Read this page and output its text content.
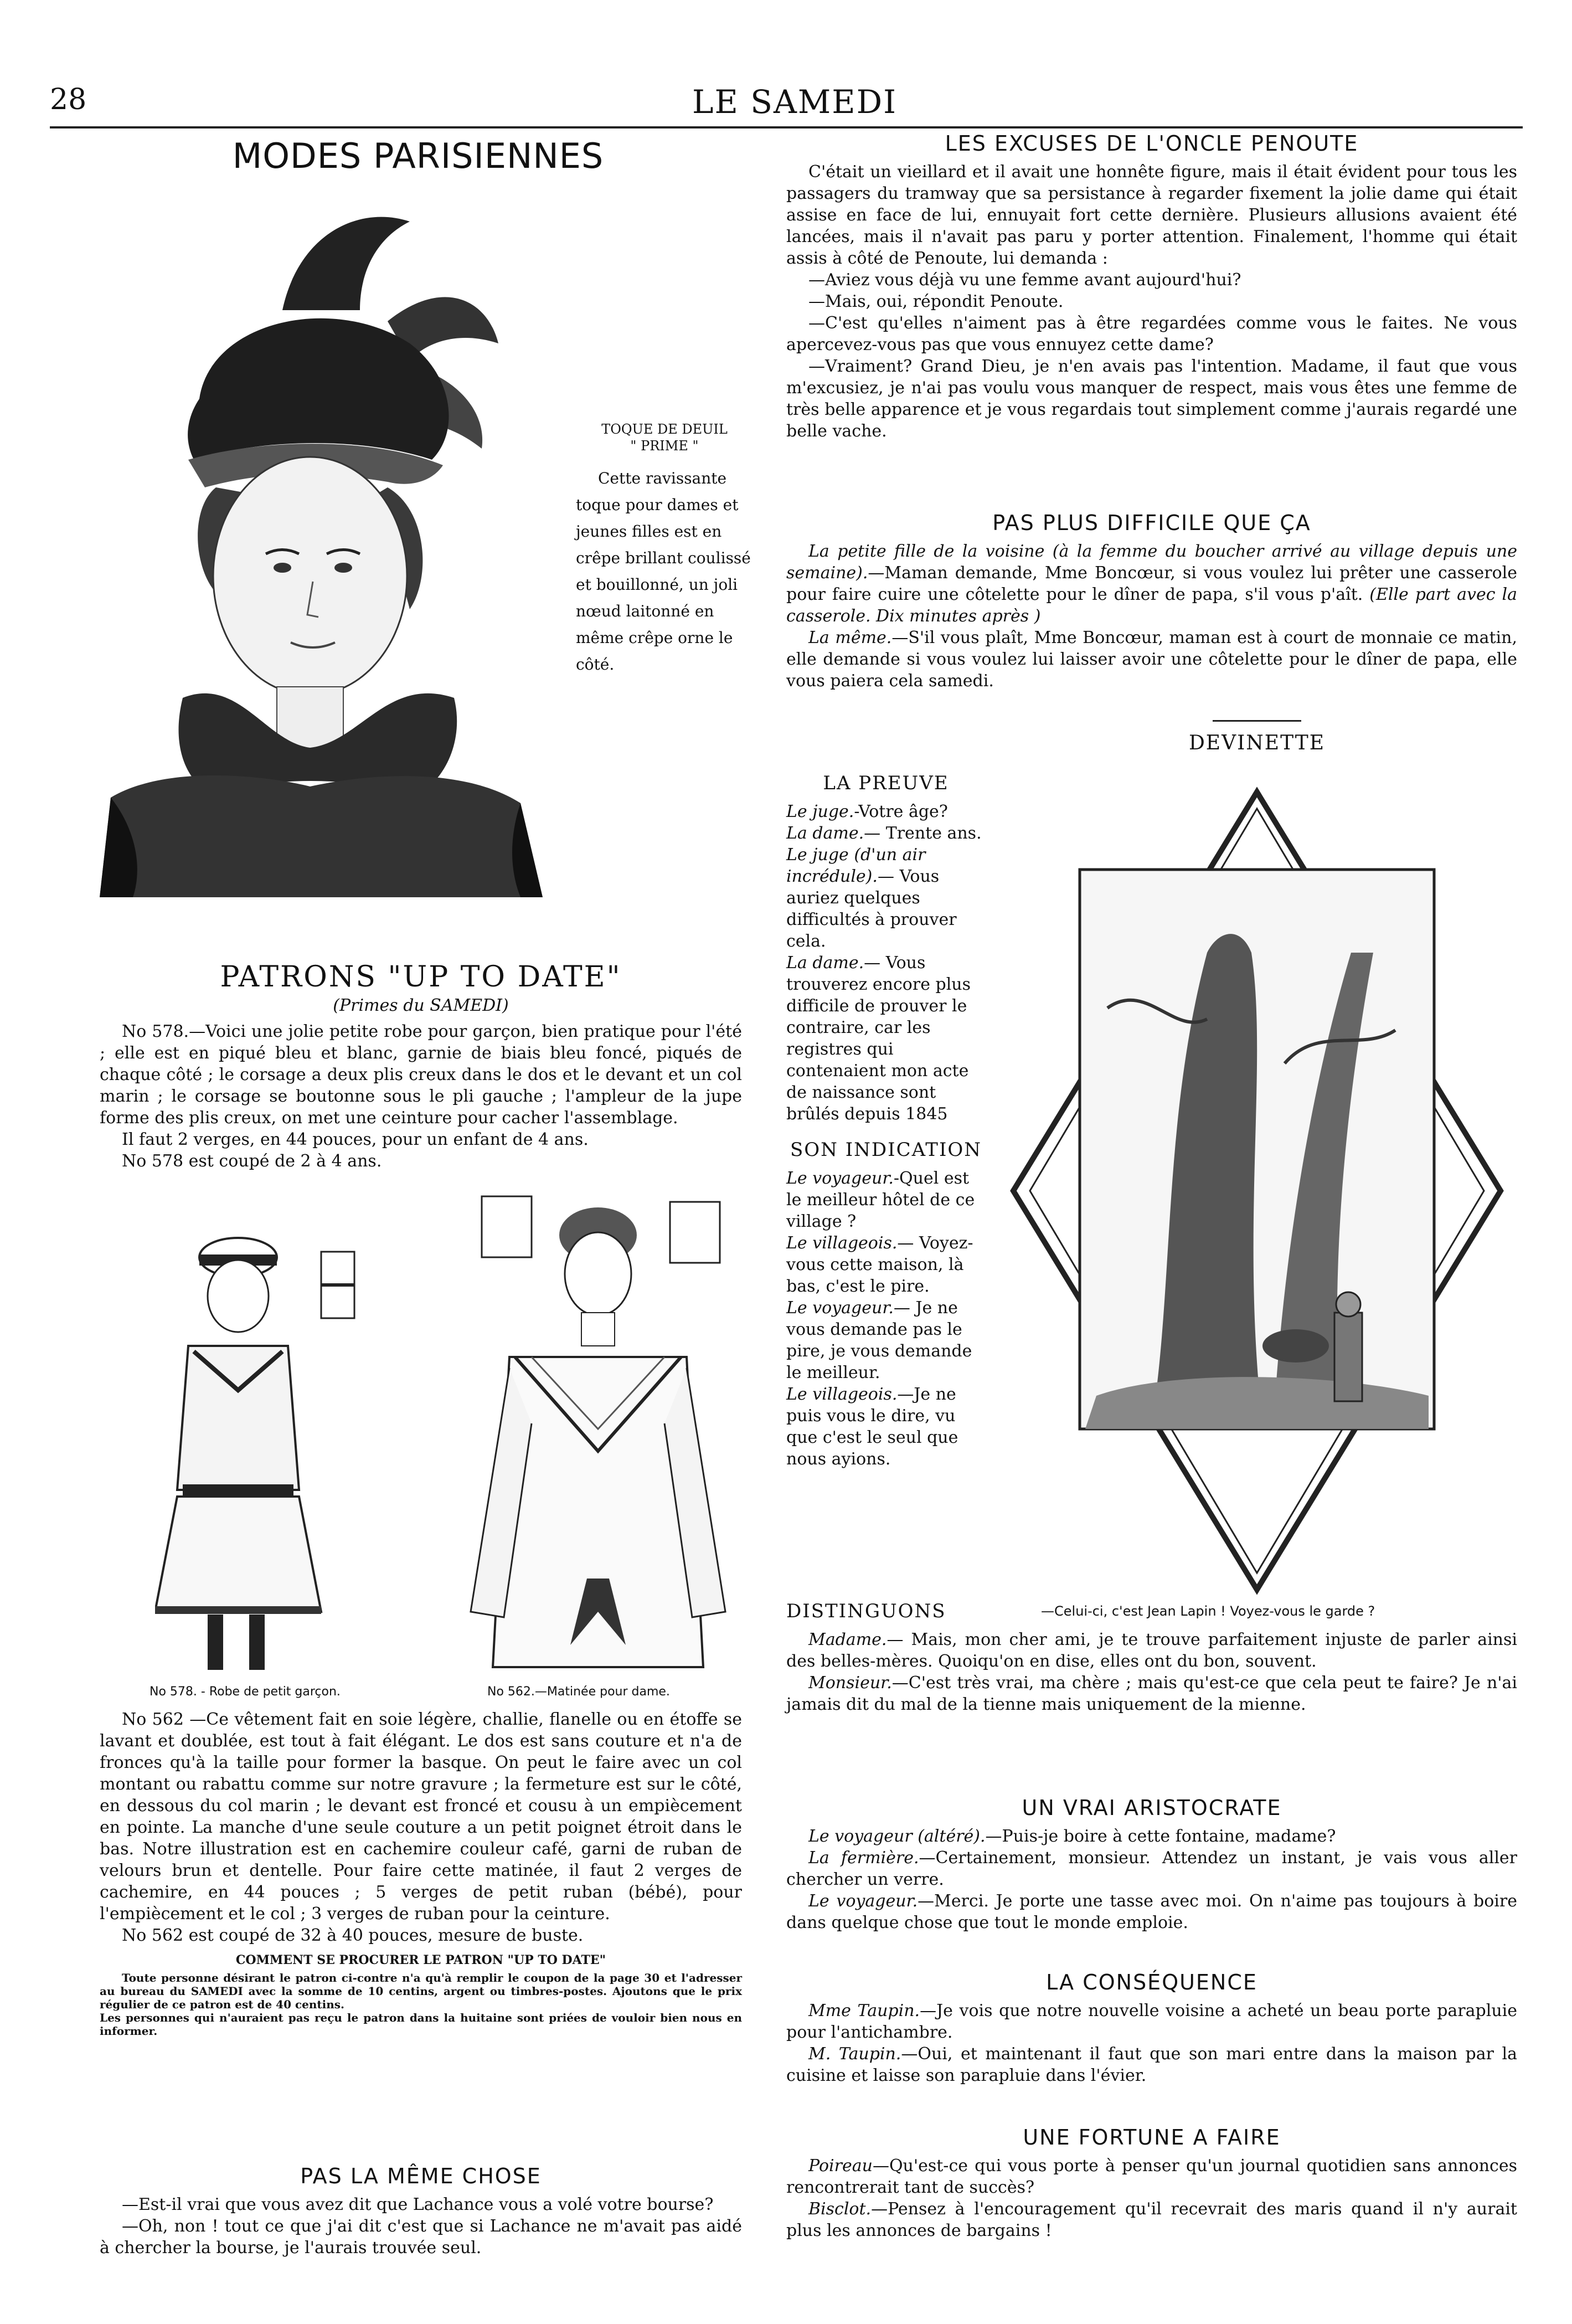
28	LE SAMEDI
MODES PARISIENNES
TOQUE DE DEUIL
" PRIME "

Cette ravissante toque pour dames et jeunes filles est en crêpe brillant coulissé et bouillonné, un joli nœud laitonné en même crêpe orne le côté.

PATRONS "UP TO DATE"
(Primes du SAMEDI)

No 578.—Voici une jolie petite robe pour garçon, bien pratique pour l'été ; elle est en piqué bleu et blanc, garnie de biais bleu foncé, piqués de chaque côté ; le corsage a deux plis creux dans le dos et le devant et un col marin ; le corsage se boutonne sous le pli gauche ; l'ampleur de la jupe forme des plis creux, on met une ceinture pour cacher l'assemblage.

Il faut 2 verges, en 44 pouces, pour un enfant de 4 ans.

No 578 est coupé de 2 à 4 ans.

No 578. - Robe de petit garçon.	No 562.—Matinée pour dame.

No 562 —Ce vêtement fait en soie légère, challie, flanelle ou en étoffe se lavant et doublée, est tout à fait élégant. Le dos est sans couture et n'a de fronces qu'à la taille pour former la basque. On peut le faire avec un col montant ou rabattu comme sur notre gravure ; la fermeture est sur le côté, en dessous du col marin ; le devant est froncé et cousu à un empiècement en pointe. La manche d'une seule couture a un petit poignet étroit dans le bas. Notre illustration est en cachemire couleur café, garni de ruban de velours brun et dentelle. Pour faire cette matinée, il faut 2 verges de cachemire, en 44 pouces ; 5 verges de petit ruban (bébé), pour l'empiècement et le col ; 3 verges de ruban pour la ceinture.

No 562 est coupé de 32 à 40 pouces, mesure de buste.

COMMENT SE PROCURER LE PATRON "UP TO DATE"

Toute personne désirant le patron ci-contre n'a qu'à remplir le coupon de la page 30 et l'adresser au bureau du SAMEDI avec la somme de 10 centins, argent ou timbres-postes. Ajoutons que le prix régulier de ce patron est de 40 centins.

Les personnes qui n'auraient pas reçu le patron dans la huitaine sont priées de vouloir bien nous en informer.

PAS LA MÊME CHOSE

—Est-il vrai que vous avez dit que Lachance vous a volé votre bourse?

—Oh, non ! tout ce que j'ai dit c'est que si Lachance ne m'avait pas aidé à chercher la bourse, je l'aurais trouvée seul.

LES EXCUSES DE L'ONCLE PENOUTE

C'était un vieillard et il avait une honnête figure, mais il était évident pour tous les passagers du tramway que sa persistance à regarder fixement la jolie dame qui était assise en face de lui, ennuyait fort cette dernière. Plusieurs allusions avaient été lancées, mais il n'avait pas paru y porter attention. Finalement, l'homme qui était assis à côté de Penoute, lui demanda :

—Aviez vous déjà vu une femme avant aujourd'hui?

—Mais, oui, répondit Penoute.

—C'est qu'elles n'aiment pas à être regardées comme vous le faites. Ne vous apercevez-vous pas que vous ennuyez cette dame?

—Vraiment? Grand Dieu, je n'en avais pas l'intention. Madame, il faut que vous m'excusiez, je n'ai pas voulu vous manquer de respect, mais vous êtes une femme de très belle apparence et je vous regardais tout simplement comme j'aurais regardé une belle vache.

PAS PLUS DIFFICILE QUE ÇA

La petite fille de la voisine (à la femme du boucher arrivé au village depuis une semaine).—Maman demande, Mme Boncœur, si vous voulez lui prêter une casserole pour faire cuire une côtelette pour le dîner de papa, s'il vous p'aît. (Elle part avec la casserole. Dix minutes après )

La même.—S'il vous plaît, Mme Boncœur, maman est à court de monnaie ce matin, elle demande si vous voulez lui laisser avoir une côtelette pour le dîner de papa, elle vous paiera cela samedi.

LA PREUVE

Le juge.-Votre âge?

La dame.— Trente ans.

Le juge (d'un air incrédule).— Vous auriez quelques difficultés à prouver cela.

La dame.— Vous trouverez encore plus difficile de prouver le contraire, car les registres qui contenaient mon acte de naissance sont brûlés depuis 1845

SON INDICATION

Le voyageur.-Quel est le meilleur hôtel de ce village ?

Le villageois.— Voyez-vous cette maison, là bas, c'est le pire.

Le voyageur.— Je ne vous demande pas le pire, je vous demande le meilleur.

Le villageois.—Je ne puis vous le dire, vu que c'est le seul que nous ayions.

DEVINETTE
—Celui-ci, c'est Jean Lapin ! Voyez-vous le garde ?
DISTINGUONS

Madame.— Mais, mon cher ami, je te trouve parfaitement injuste de parler ainsi des belles-mères. Quoiqu'on en dise, elles ont du bon, souvent.

Monsieur.—C'est très vrai, ma chère ; mais qu'est-ce que cela peut te faire? Je n'ai jamais dit du mal de la tienne mais uniquement de la mienne.

UN VRAI ARISTOCRATE

Le voyageur (altéré).—Puis-je boire à cette fontaine, madame?

La fermière.—Certainement, monsieur. Attendez un instant, je vais vous aller chercher un verre.

Le voyageur.—Merci. Je porte une tasse avec moi. On n'aime pas toujours à boire dans quelque chose que tout le monde emploie.

LA CONSÉQUENCE

Mme Taupin.—Je vois que notre nouvelle voisine a acheté un beau porte parapluie pour l'antichambre.

M. Taupin.—Oui, et maintenant il faut que son mari entre dans la maison par la cuisine et laisse son parapluie dans l'évier.

UNE FORTUNE A FAIRE

Poireau—Qu'est-ce qui vous porte à penser qu'un journal quotidien sans annonces rencontrerait tant de succès?

Bisclot.—Pensez à l'encouragement qu'il recevrait des maris quand il n'y aurait plus les annonces de bargains !
